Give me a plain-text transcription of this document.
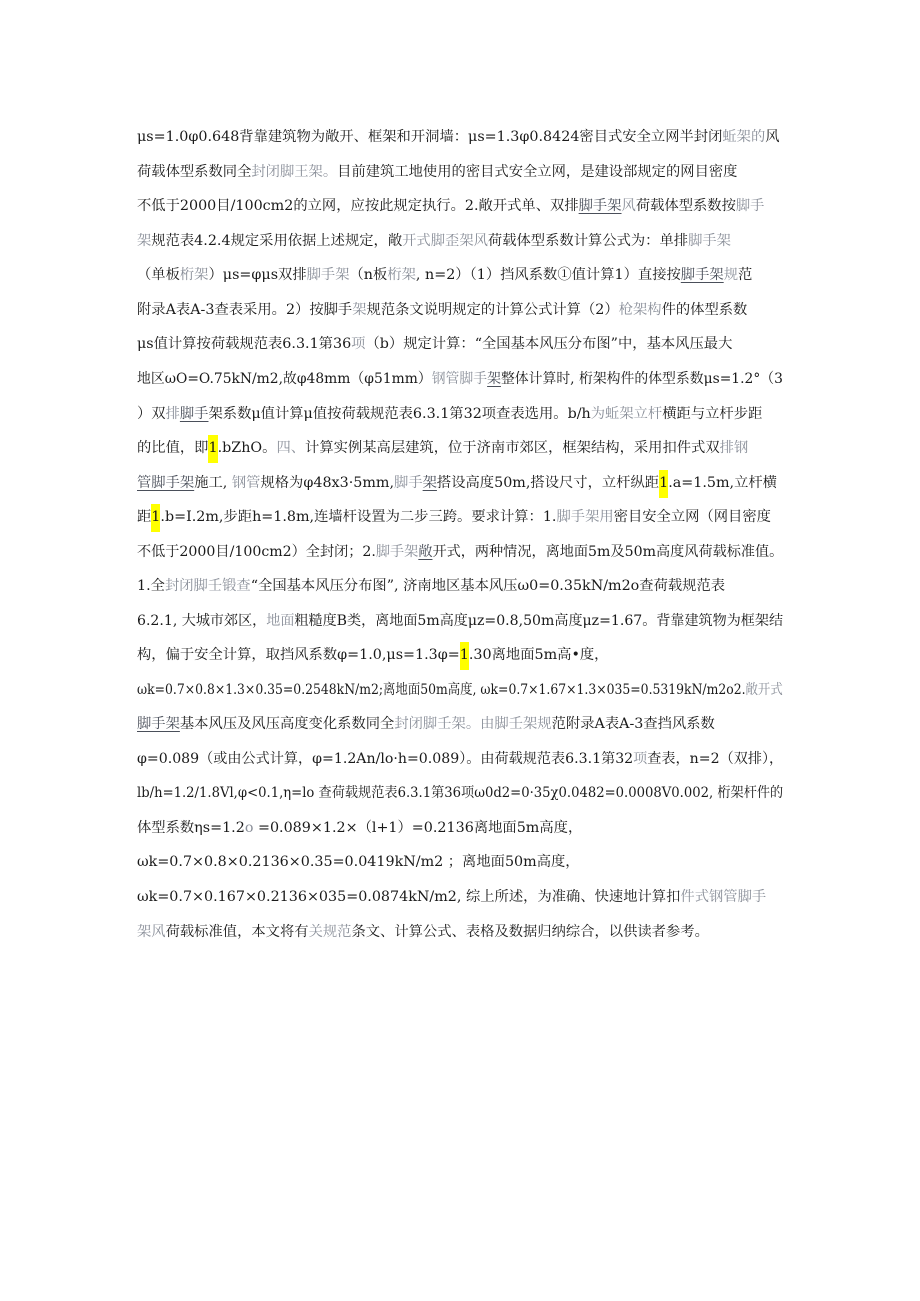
μs=1.0φ0.648背靠建筑物为敞开、框架和开洞墙：μs=1.3φ0.8424密目式安全立网半封闭蚯架的风
荷载体型系数同全封闭脚王架。目前建筑工地使用的密目式安全立网，是建设部规定的网目密度
不低于2000目/100cm2的立网，应按此规定执行。2.敞开式单、双排脚手架风荷载体型系数按脚手
架规范表4.2.4规定采用依据上述规定，敞开式脚歪架风荷载体型系数计算公式为：单排脚手架
（单板桁架）μs=φμs双排脚手架（n板桁架, n=2）（1）挡风系数①值计算1）直接按脚手架规范
附录A表A-3查表采用。2）按脚手架规范条文说明规定的计算公式计算（2）枪架构件的体型系数
μs值计算按荷载规范表6.3.1第36项（b）规定计算：“全国基本风压分布图”中，基本风压最大
地区ωO=O.75kN/m2,故φ48mm（φ51mm）钢管脚手架整体计算时, 桁架构件的体型系数μs=1.2°（3
）双排脚手架系数μ值计算μ值按荷载规范表6.3.1第32项查表选用。b/h为蚯架立杆横距与立杆步距
的比值，即1.bZhO。四、计算实例某高层建筑，位于济南市郊区，框架结构，采用扣件式双排钢
管脚手架施工, 钢管规格为φ48x3·5mm,脚手架搭设高度50m,搭设尺寸，立杆纵距1.a=1.5m,立杆横
距1.b=I.2m,步距h=1.8m,连墙杆设置为二步三跨。要求计算：1.脚手架用密目安全立网（网目密度
不低于2000目/100cm2）全封闭；2.脚手架敞开式，两种情况，离地面5m及50m高度风荷载标准值。
1.全封闭脚壬锻查“全国基本风压分布图”, 济南地区基本风压ω0=0.35kN/m2o查荷载规范表
6.2.1, 大城市郊区，地面粗糙度B类，离地面5m高度μz=0.8,50m高度μz=1.67。背靠建筑物为框架结
构，偏于安全计算，取挡风系数φ=1.0,μs=1.3φ=1.30离地面5m高•度，
ωk=0.7×0.8×1.3×0.35=0.2548kN/m2;离地面50m高度, ωk=0.7×1.67×1.3×035=0.5319kN/m2o2.敞开式
脚手架基本风压及风压高度变化系数同全封闭脚壬架。由脚壬架规范附录A表A-3查挡风系数
φ=0.089（或由公式计算，φ=1.2An/lo·h=0.089）。由荷载规范表6.3.1第32项查表，n=2（双排），
lb/h=1.2/1.8Vl,φ<0.1,η=lo 查荷载规范表6.3.1第36项ω0d2=0·35χ0.0482=0.0008V0.002, 桁架杆件的
体型系数ηs=1.2o =0.089×1.2×（l+1）=0.2136离地面5m高度，
ωk=0.7×0.8×0.2136×0.35=0.0419kN/m2 ；离地面50m高度，
ωk=0.7×0.167×0.2136×035=0.0874kN/m2, 综上所述，为准确、快速地计算扣件式钢管脚手
架风荷载标准值，本文将有关规范条文、计算公式、表格及数据归纳综合，以供读者参考。
